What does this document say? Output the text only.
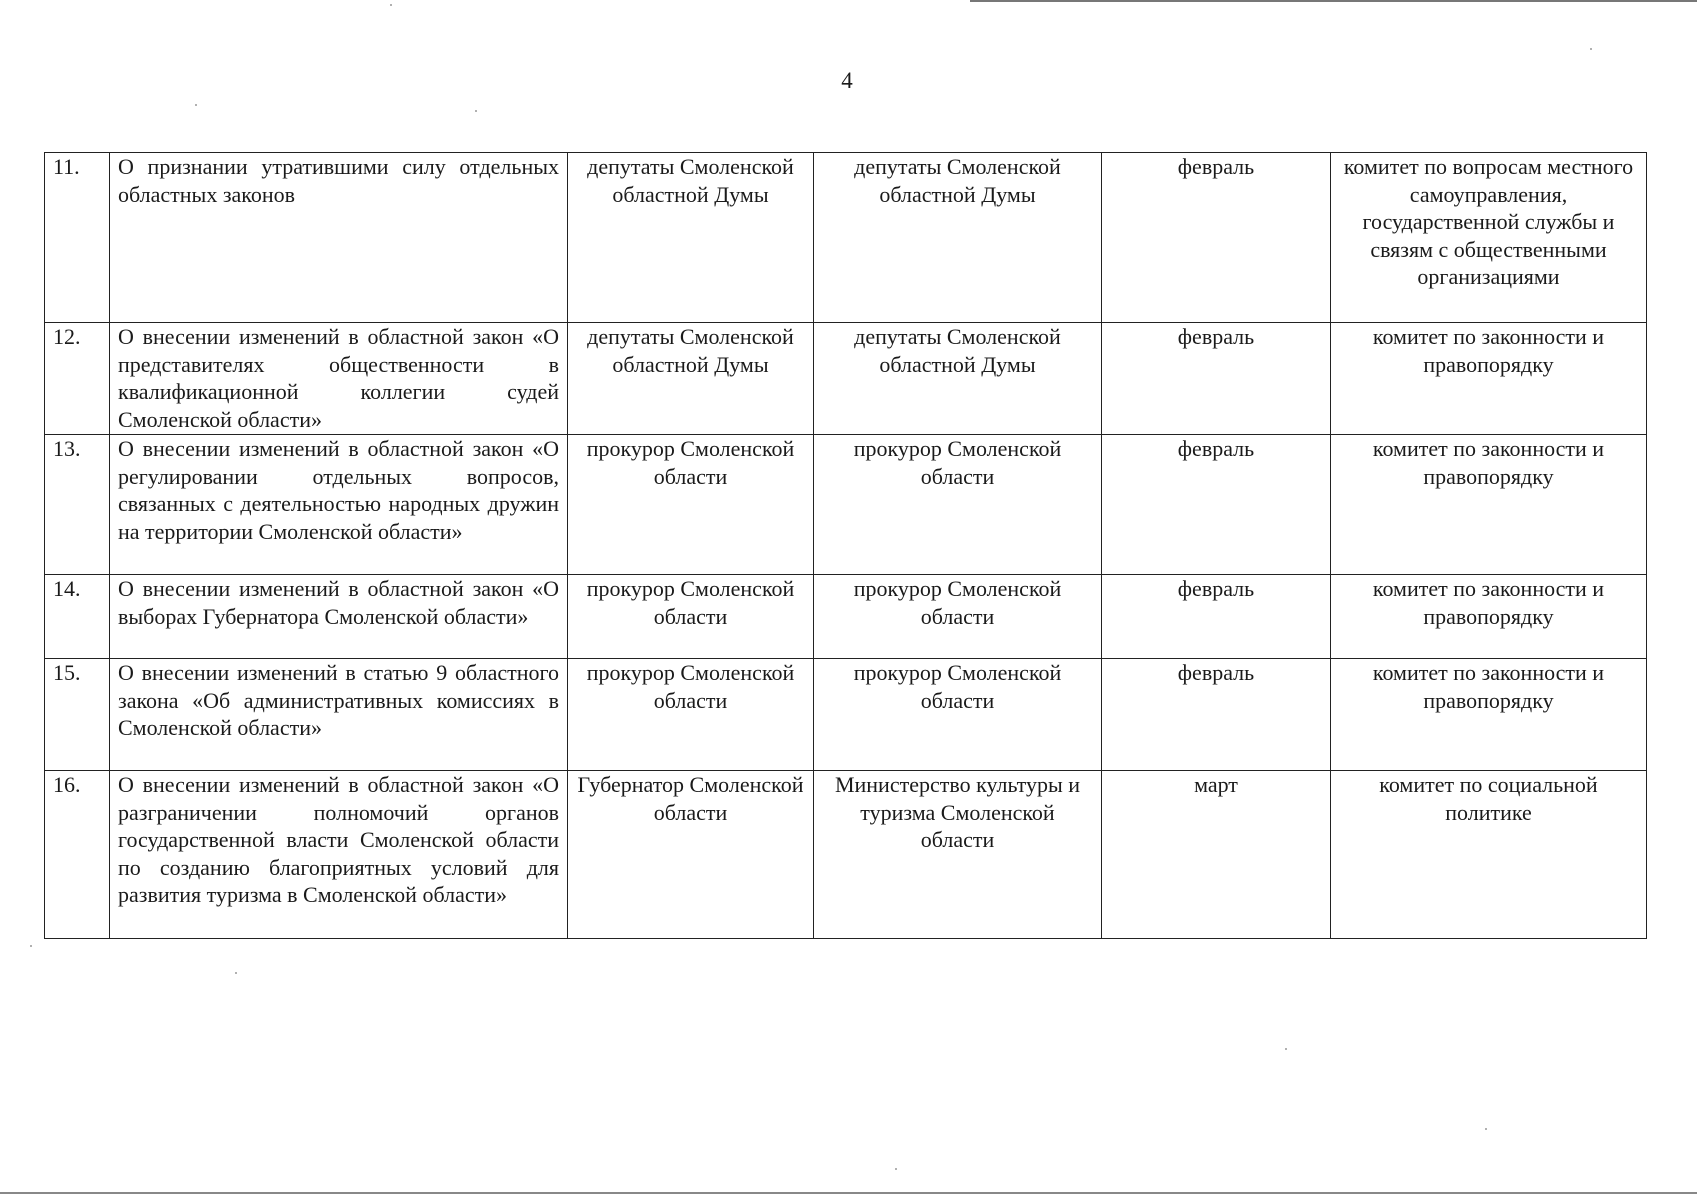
4
11.	О признании утратившими силу отдельных областных законов	депутаты Смоленской областной Думы	депутаты Смоленской областной Думы	февраль	комитет по вопросам местного самоуправления, государственной службы и связям с общественными организациями
12.	О внесении изменений в областной закон «О представителях общественности в квалификационной коллегии судей Смоленской области»	депутаты Смоленской областной Думы	депутаты Смоленской областной Думы	февраль	комитет по законности и правопорядку
13.	О внесении изменений в областной закон «О регулировании отдельных вопросов, связанных с деятельностью народных дружин на территории Смоленской области»	прокурор Смоленской области	прокурор Смоленской области	февраль	комитет по законности и правопорядку
14.	О внесении изменений в областной закон «О выборах Губернатора Смоленской области»	прокурор Смоленской области	прокурор Смоленской области	февраль	комитет по законности и правопорядку
15.	О внесении изменений в статью 9 областного закона «Об административных комиссиях в Смоленской области»	прокурор Смоленской области	прокурор Смоленской области	февраль	комитет по законности и правопорядку
16.	О внесении изменений в областной закон «О разграничении полномочий органов государственной власти Смоленской области по созданию благоприятных условий для развития туризма в Смоленской области»	Губернатор Смоленской области	Министерство культуры и туризма Смоленской области	март	комитет по социальной политике
